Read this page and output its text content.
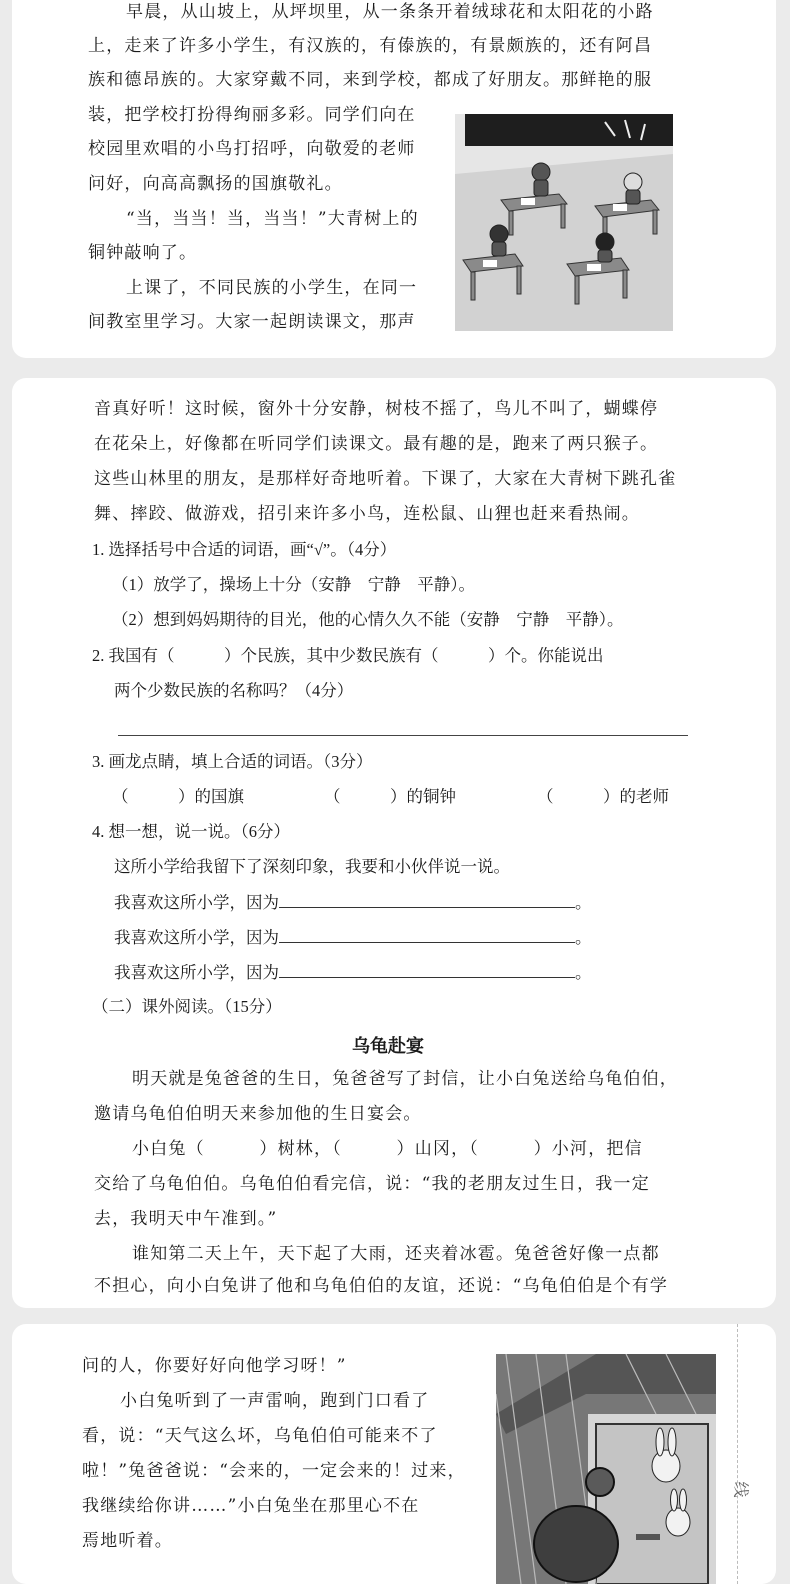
早晨，从山坡上，从坪坝里，从一条条开着绒球花和太阳花的小路
上，走来了许多小学生，有汉族的，有傣族的，有景颇族的，还有阿昌
族和德昂族的。大家穿戴不同，来到学校，都成了好朋友。那鲜艳的服
装，把学校打扮得绚丽多彩。同学们向在
校园里欢唱的小鸟打招呼，向敬爱的老师
问好，向高高飘扬的国旗敬礼。
“当，当当！当，当当！”大青树上的
铜钟敲响了。
上课了，不同民族的小学生，在同一
间教室里学习。大家一起朗读课文，那声
音真好听！这时候，窗外十分安静，树枝不摇了，鸟儿不叫了，蝴蝶停
在花朵上，好像都在听同学们读课文。最有趣的是，跑来了两只猴子。
这些山林里的朋友，是那样好奇地听着。下课了，大家在大青树下跳孔雀
舞、摔跤、做游戏，招引来许多小鸟，连松鼠、山狸也赶来看热闹。
1. 选择括号中合适的词语，画“√”。（4分）
（1）放学了，操场上十分（安静　宁静　平静）。
（2）想到妈妈期待的目光，他的心情久久不能（安静　宁静　平静）。
2. 我国有（　　　）个民族，其中少数民族有（　　　）个。你能说出
两个少数民族的名称吗？（4分）
3. 画龙点睛，填上合适的词语。（3分）
（　　　）的国旗	（　　　）的铜钟	（　　　）的老师
4. 想一想，说一说。（6分）
这所小学给我留下了深刻印象，我要和小伙伴说一说。
我喜欢这所小学，因为	。
我喜欢这所小学，因为	。
我喜欢这所小学，因为	。
（二）课外阅读。（15分）
乌龟赴宴
明天就是兔爸爸的生日，兔爸爸写了封信，让小白兔送给乌龟伯伯，
邀请乌龟伯伯明天来参加他的生日宴会。
小白兔（　　　）树林，（　　　）山冈，（　　　）小河，把信
交给了乌龟伯伯。乌龟伯伯看完信，说：“我的老朋友过生日，我一定
去，我明天中午准到。”
谁知第二天上午，天下起了大雨，还夹着冰雹。兔爸爸好像一点都
不担心，向小白兔讲了他和乌龟伯伯的友谊，还说：“乌龟伯伯是个有学
问的人，你要好好向他学习呀！”
小白兔听到了一声雷响，跑到门口看了
看，说：“天气这么坏，乌龟伯伯可能来不了
啦！”兔爸爸说：“会来的，一定会来的！过来，
我继续给你讲……”小白兔坐在那里心不在
焉地听着。
线
